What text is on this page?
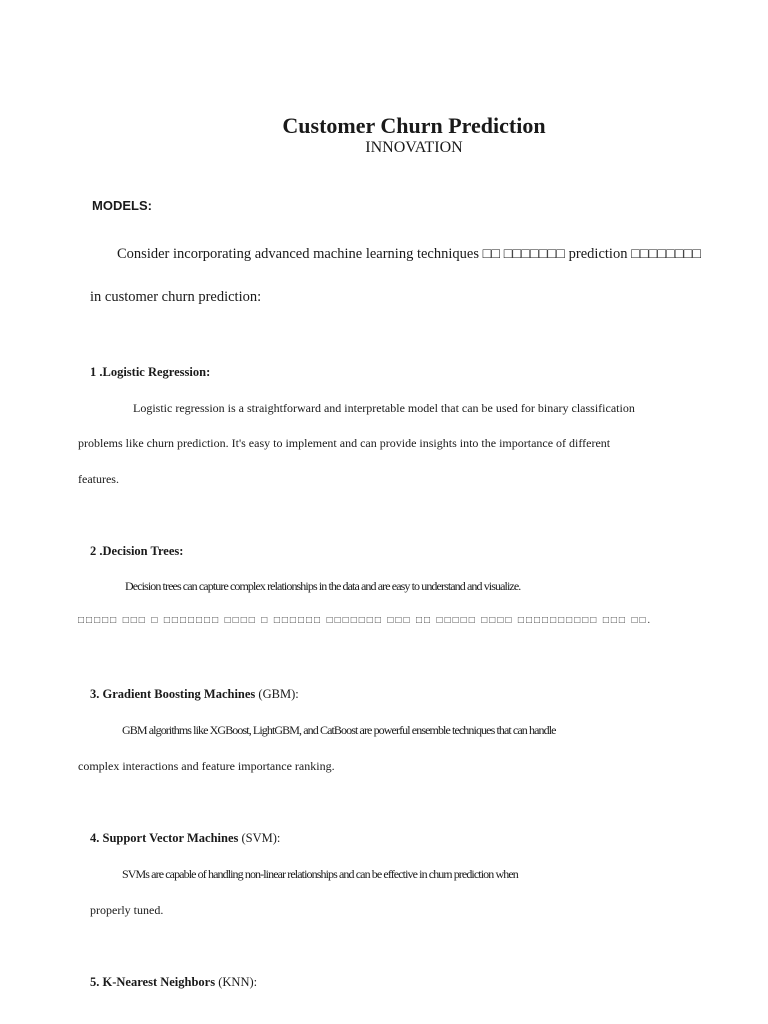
Customer Churn Prediction
INNOVATION
MODELS:
Consider incorporating advanced machine learning techniques □□ □□□□□□□ prediction □□□□□□□□
in customer churn prediction:
1 .Logistic Regression:
Logistic regression is a straightforward and interpretable model that can be used for binary classification
problems like churn prediction. It's easy to implement and can provide insights into the importance of different
features.
2 .Decision Trees:
Decision trees can capture complex relationships in the data and are easy to understand and visualize.
□□□□□ □□□ □ □□□□□□□ □□□□ □ □□□□□□ □□□□□□□ □□□ □□ □□□□□ □□□□ □□□□□□□□□□ □□□ □□.
3. Gradient Boosting Machines (GBM):
GBM algorithms like XGBoost, LightGBM, and CatBoost are powerful ensemble techniques that can handle
complex interactions and feature importance ranking.
4. Support Vector Machines (SVM):
SVMs are capable of handling non-linear relationships and can be effective in churn prediction when
properly tuned.
5. K-Nearest Neighbors (KNN):
